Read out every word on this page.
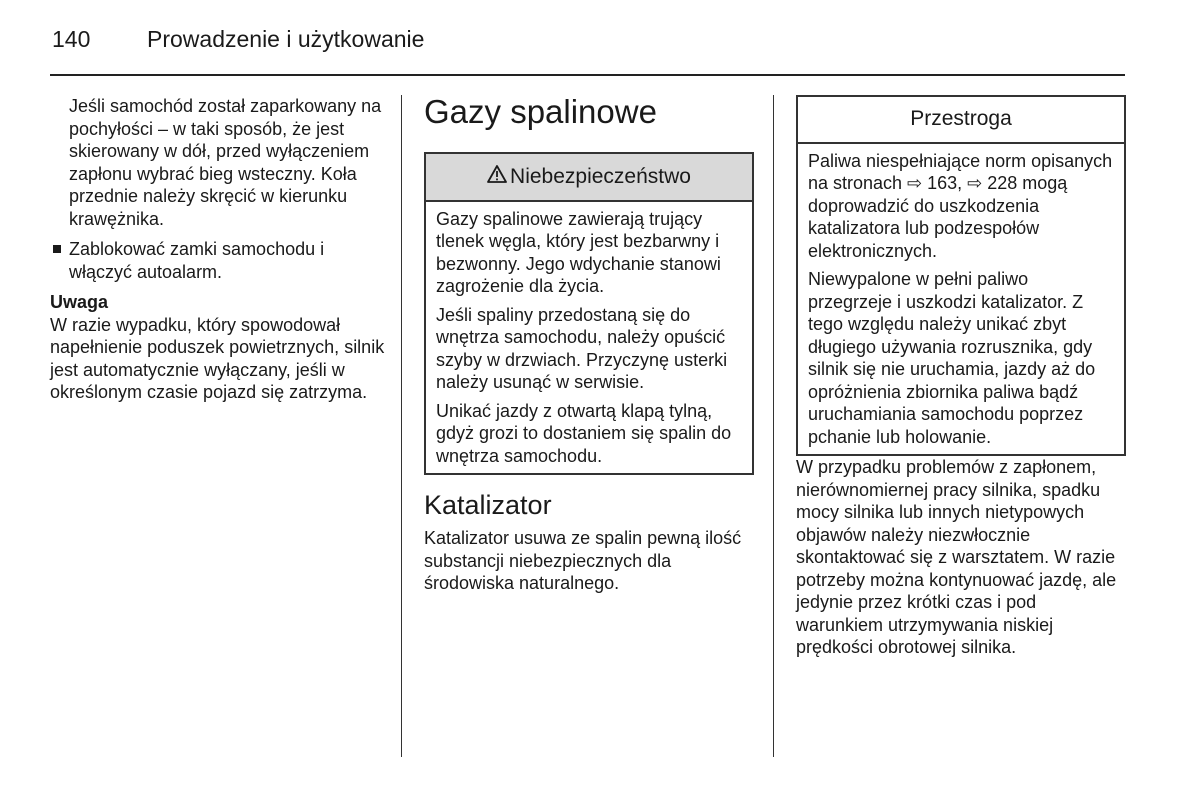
140 Prowadzenie i użytkowanie

Jeśli samochód został zaparkowany na pochyłości – w taki sposób, że jest skierowany w dół, przed wyłączeniem zapłonu wybrać bieg wsteczny. Koła przednie należy skręcić w kierunku krawężnika.

Zablokować zamki samochodu i włączyć autoalarm.

Uwaga

W razie wypadku, który spowodował napełnienie poduszek powietrznych, silnik jest automatycznie wyłączany, jeśli w określonym czasie pojazd się zatrzyma.

Gazy spalinowe
Niebezpieczeństwo

Gazy spalinowe zawierają trujący tlenek węgla, który jest bezbarwny i bezwonny. Jego wdychanie stanowi zagrożenie dla życia.

Jeśli spaliny przedostaną się do wnętrza samochodu, należy opuścić szyby w drzwiach. Przyczynę usterki należy usunąć w serwisie.

Unikać jazdy z otwartą klapą tylną, gdyż grozi to dostaniem się spalin do wnętrza samochodu.

Katalizator

Katalizator usuwa ze spalin pewną ilość substancji niebezpiecznych dla środowiska naturalnego.

Przestroga

Paliwa niespełniające norm opisanych na stronach ⇨ 163, ⇨ 228 mogą doprowadzić do uszkodzenia katalizatora lub podzespołów elektronicznych.

Niewypalone w pełni paliwo przegrzeje i uszkodzi katalizator. Z tego względu należy unikać zbyt długiego używania rozrusznika, gdy silnik się nie uruchamia, jazdy aż do opróżnienia zbiornika paliwa bądź uruchamiania samochodu poprzez pchanie lub holowanie.

W przypadku problemów z zapłonem, nierównomiernej pracy silnika, spadku mocy silnika lub innych nietypowych objawów należy niezwłocznie skontaktować się z warsztatem. W razie potrzeby można kontynuować jazdę, ale jedynie przez krótki czas i pod warunkiem utrzymywania niskiej prędkości obrotowej silnika.
